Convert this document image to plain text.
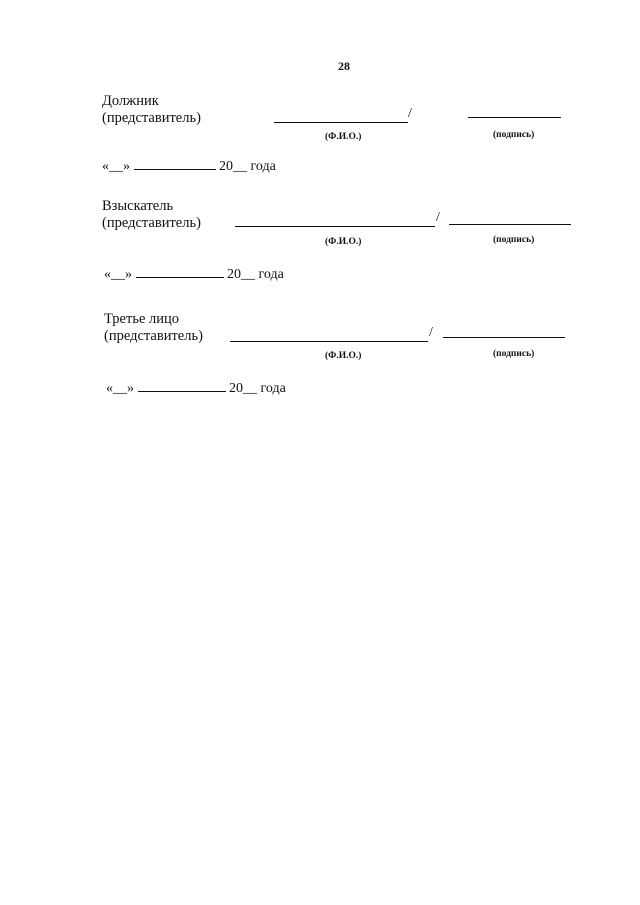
28
Должник
(представитель)	/
(Ф.И.О.)	(подпись)
«__»	20__ года
Взыскатель
(представитель)	/
(Ф.И.О.)	(подпись)
«__»	20__ года
Третье лицо
(представитель)	/
(Ф.И.О.)	(подпись)
«__»	20__ года
